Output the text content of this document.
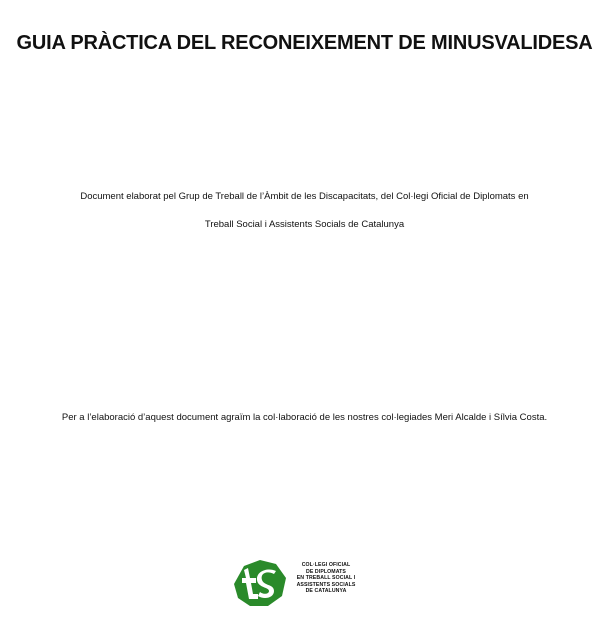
GUIA PRÀCTICA DEL RECONEIXEMENT DE MINUSVALIDESA

Document elaborat pel Grup de Treball de l’Àmbit de les Discapacitats, del Col·legi Oficial de Diplomats en

Treball Social i Assistents Socials de Catalunya

Per a l’elaboració d’aquest document agraïm la col·laboració de les nostres col·legiades Meri Alcalde i Sílvia Costa.

ts
COL·LEGI OFICIAL
DE DIPLOMATS
EN TREBALL SOCIAL I
ASSISTENTS SOCIALS
DE CATALUNYA
